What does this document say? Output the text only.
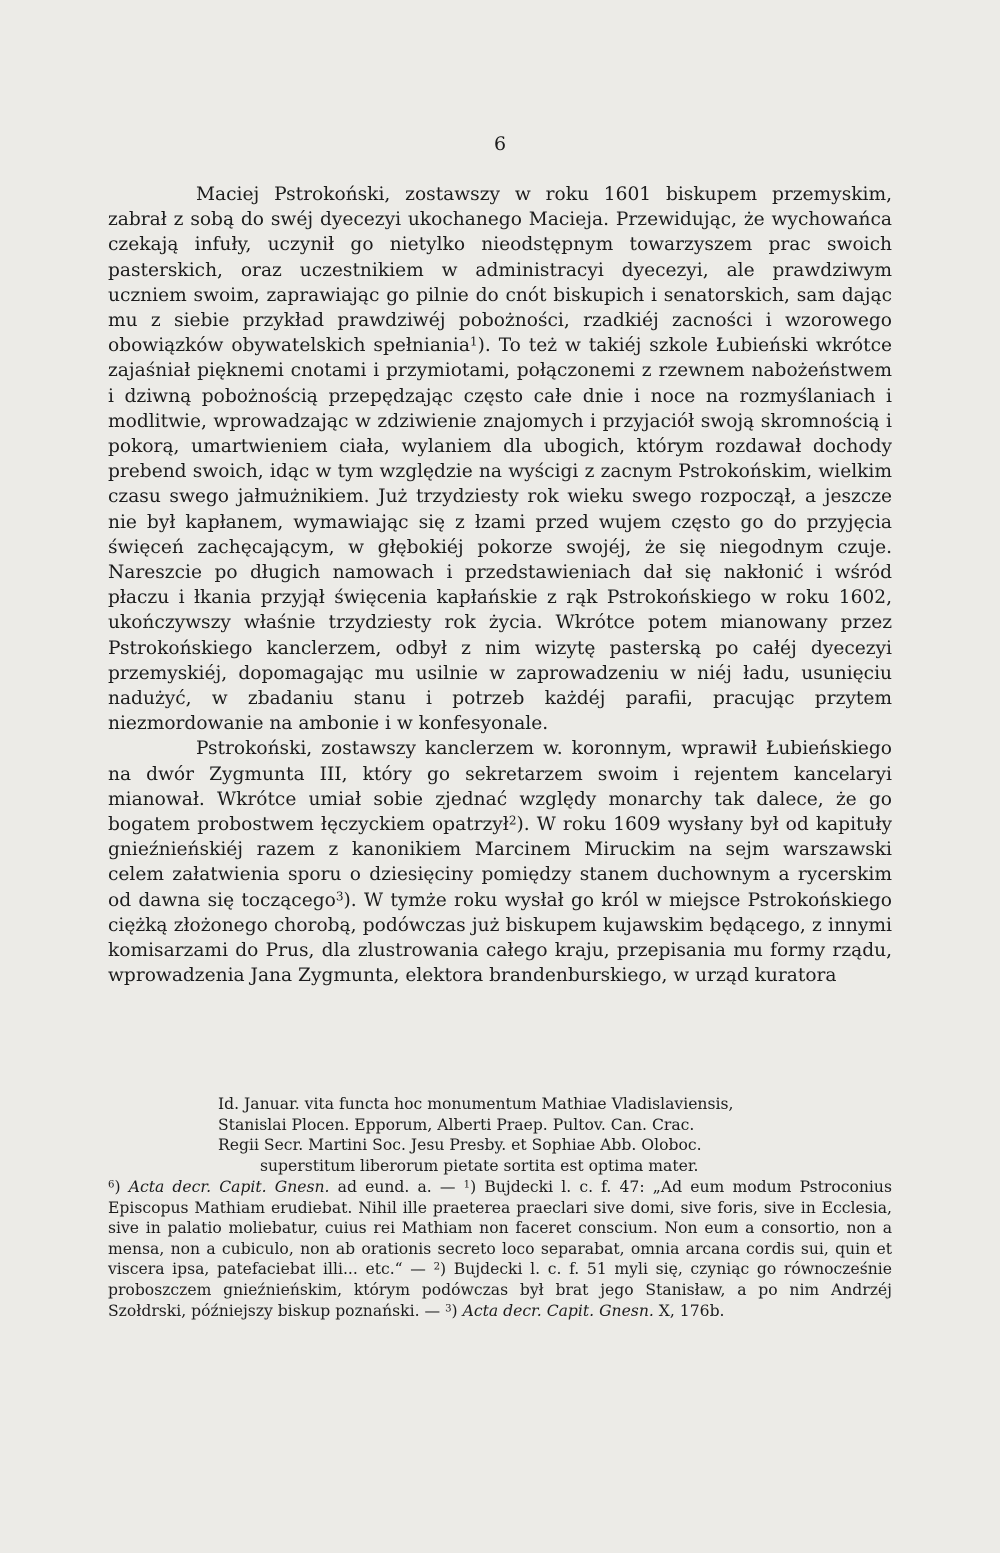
6

Maciej Pstrokoński, zostawszy w roku 1601 biskupem przemyskim, zabrał z sobą do swéj dyecezyi ukochanego Macieja. Przewidując, że wychowańca czekają infuły, uczynił go nietylko nieodstępnym towarzyszem prac swoich pasterskich, oraz uczestnikiem w administracyi dyecezyi, ale prawdziwym uczniem swoim, zaprawiając go pilnie do cnót biskupich i senatorskich, sam dając mu z siebie przykład prawdziwéj pobożności, rzadkiéj zacności i wzorowego obowiązków obywatelskich spełniania$^1$). To też w takiéj szkole Łubieński wkrótce zajaśniał pięknemi cnotami i przymiotami, połączonemi z rzewnem nabożeństwem i dziwną pobożnością przepędzając często całe dnie i noce na rozmyślaniach i modlitwie, wprowadzając w zdziwienie znajomych i przyjaciół swoją skromnością i pokorą, umartwieniem ciała, wylaniem dla ubogich, którym rozdawał dochody prebend swoich, idąc w tym względzie na wyścigi z zacnym Pstrokońskim, wielkim czasu swego jałmużnikiem. Już trzydziesty rok wieku swego rozpoczął, a jeszcze nie był kapłanem, wymawiając się z łzami przed wujem często go do przyjęcia święceń zachęcającym, w głębokiéj pokorze swojéj, że się niegodnym czuje. Nareszcie po długich namowach i przedstawieniach dał się nakłonić i wśród płaczu i łkania przyjął święcenia kapłańskie z rąk Pstrokońskiego w roku 1602, ukończywszy właśnie trzydziesty rok życia. Wkrótce potem mianowany przez Pstrokońskiego kanclerzem, odbył z nim wizytę pasterską po całéj dyecezyi przemyskiéj, dopomagając mu usilnie w zaprowadzeniu w niéj ładu, usunięciu nadużyć, w zbadaniu stanu i potrzeb każdéj parafii, pracując przytem niezmordowanie na ambonie i w konfesyonale.

Pstrokoński, zostawszy kanclerzem w. koronnym, wprawił Łubieńskiego na dwór Zygmunta III, który go sekretarzem swoim i rejentem kancelaryi mianował. Wkrótce umiał sobie zjednać względy monarchy tak dalece, że go bogatem probostwem łęczyckiem opatrzył$^2$). W roku 1609 wysłany był od kapituły gnieźnieńskiéj razem z kanonikiem Marcinem Miruckim na sejm warszawski celem załatwienia sporu o dziesięciny pomiędzy stanem duchownym a rycerskim od dawna się toczącego$^3$). W tymże roku wysłał go król w miejsce Pstrokońskiego ciężką złożonego chorobą, podówczas już biskupem kujawskim będącego, z innymi komisarzami do Prus, dla zlustrowania całego kraju, przepisania mu formy rządu, wprowadzenia Jana Zygmunta, elektora brandenburskiego, w urząd kuratora

Id. Januar. vita functa hoc monumentum Mathiae Vladislaviensis,
Stanislai Plocen. Epporum, Alberti Praep. Pultov. Can. Crac.
Regii Secr. Martini Soc. Jesu Presby. et Sophiae Abb. Oloboc.
superstitum liberorum pietate sortita est optima mater.

$^6$) Acta decr. Capit. Gnesn. ad eund. a. — $^1$) Bujdecki l. c. f. 47: „Ad eum modum Pstroconius Episcopus Mathiam erudiebat. Nihil ille praeterea praeclari sive domi, sive foris, sive in Ecclesia, sive in palatio moliebatur, cuius rei Mathiam non faceret conscium. Non eum a consortio, non a mensa, non a cubiculo, non ab orationis secreto loco separabat, omnia arcana cordis sui, quin et viscera ipsa, patefaciebat illi... etc.“ — $^2$) Bujdecki l. c. f. 51 myli się, czyniąc go równocześnie proboszczem gnieźnieńskim, którym podówczas był brat jego Stanisław, a po nim Andrzéj Szołdrski, późniejszy biskup poznański. — $^3$) Acta decr. Capit. Gnesn. X, 176b.
